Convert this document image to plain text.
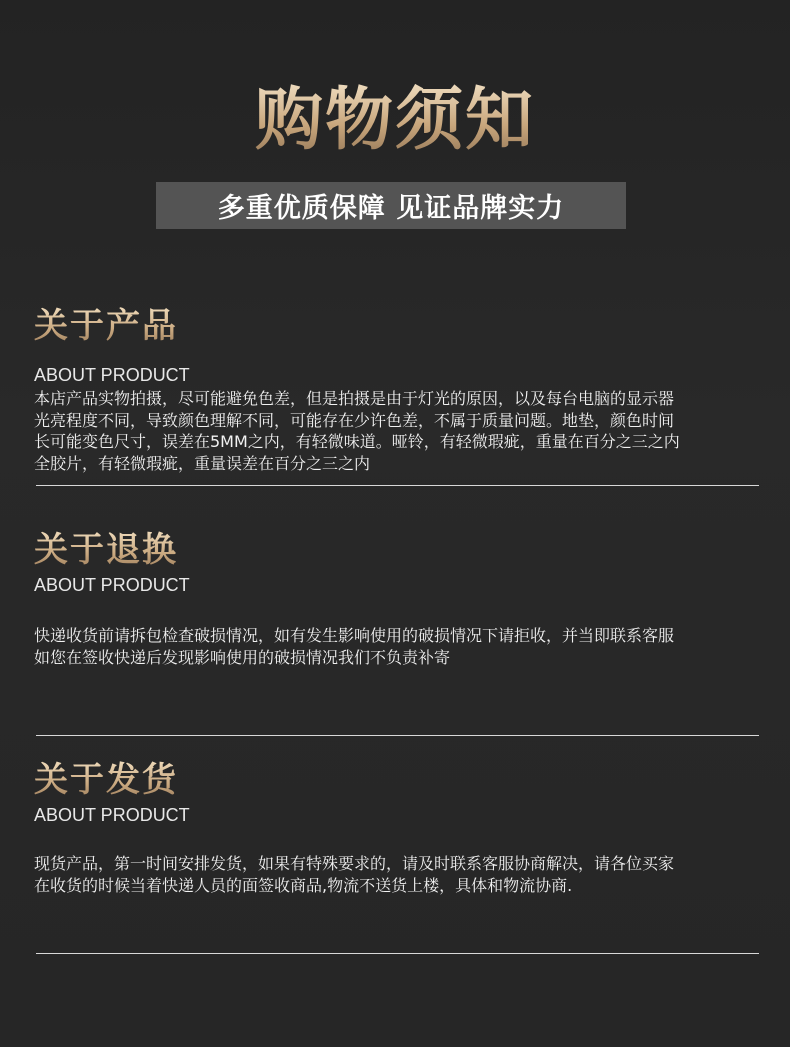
购物须知
多重优质保障 见证品牌实力
关于产品
ABOUT PRODUCT
本店产品实物拍摄，尽可能避免色差，但是拍摄是由于灯光的原因，以及每台电脑的显示器
光亮程度不同，导致颜色理解不同，可能存在少许色差，不属于质量问题。地垫，颜色时间
长可能变色尺寸，误差在5MM之内，有轻微味道。哑铃，有轻微瑕疵，重量在百分之三之内
全胶片，有轻微瑕疵，重量误差在百分之三之内
关于退换
ABOUT PRODUCT
快递收货前请拆包检查破损情况，如有发生影响使用的破损情况下请拒收，并当即联系客服
如您在签收快递后发现影响使用的破损情况我们不负责补寄
关于发货
ABOUT PRODUCT
现货产品，第一时间安排发货，如果有特殊要求的，请及时联系客服协商解决，请各位买家
在收货的时候当着快递人员的面签收商品,物流不送货上楼，具体和物流协商.
